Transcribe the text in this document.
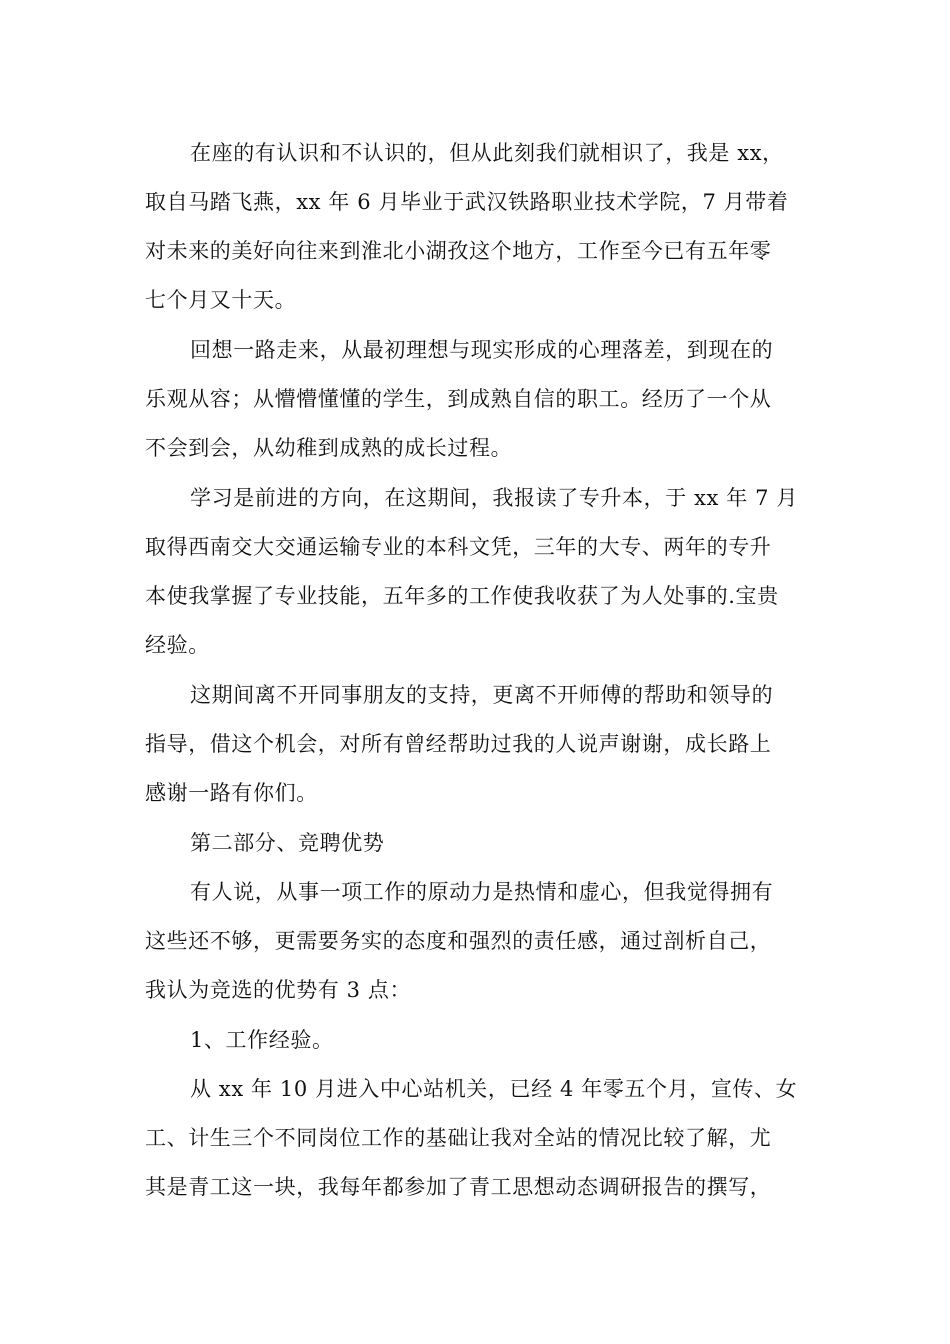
在座的有认识和不认识的，但从此刻我们就相识了，我是 xx，
取自马踏飞燕，xx 年 6 月毕业于武汉铁路职业技术学院，7 月带着
对未来的美好向往来到淮北小湖孜这个地方，工作至今已有五年零
七个月又十天。
回想一路走来，从最初理想与现实形成的心理落差，到现在的
乐观从容；从懵懵懂懂的学生，到成熟自信的职工。经历了一个从
不会到会，从幼稚到成熟的成长过程。
学习是前进的方向，在这期间，我报读了专升本，于 xx 年 7 月
取得西南交大交通运输专业的本科文凭，三年的大专、两年的专升
本使我掌握了专业技能，五年多的工作使我收获了为人处事的.宝贵
经验。
这期间离不开同事朋友的支持，更离不开师傅的帮助和领导的
指导，借这个机会，对所有曾经帮助过我的人说声谢谢，成长路上
感谢一路有你们。
第二部分、竞聘优势
有人说，从事一项工作的原动力是热情和虚心，但我觉得拥有
这些还不够，更需要务实的态度和强烈的责任感，通过剖析自己，
我认为竞选的优势有 3 点：
1、工作经验。
从 xx 年 10 月进入中心站机关，已经 4 年零五个月，宣传、女
工、计生三个不同岗位工作的基础让我对全站的情况比较了解，尤
其是青工这一块，我每年都参加了青工思想动态调研报告的撰写，
